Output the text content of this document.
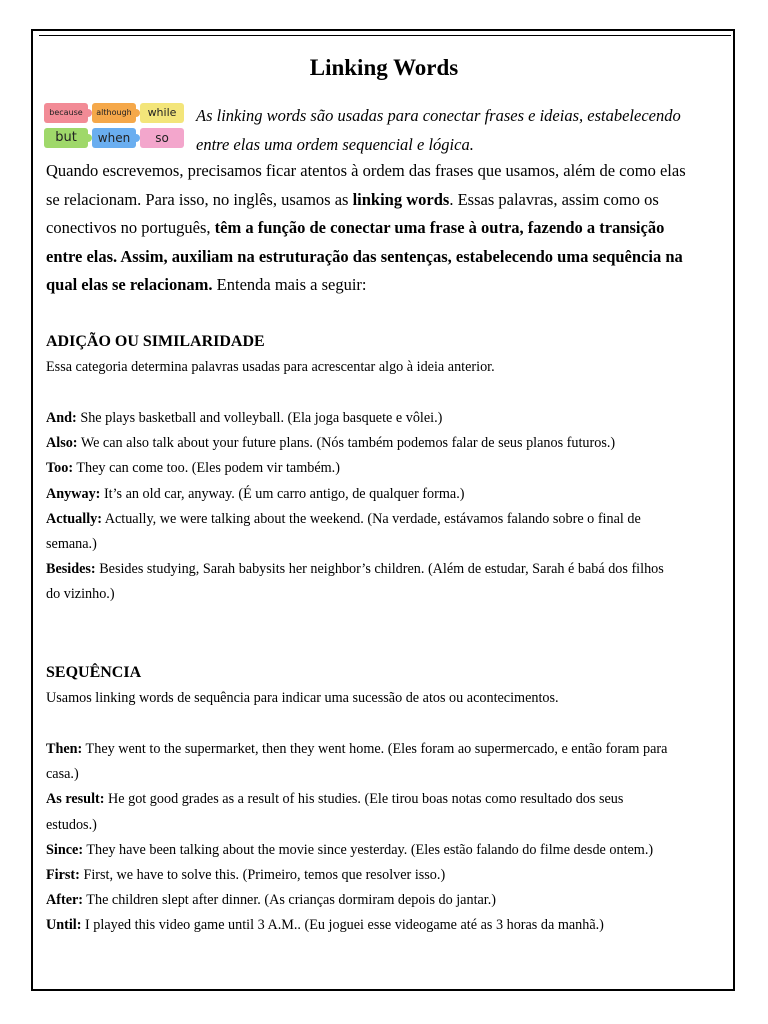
Linking Words
because	although	while
but	when	so
As linking words são usadas para conectar frases e ideias, estabelecendo
entre elas uma ordem sequencial e lógica.
Quando escrevemos, precisamos ficar atentos à ordem das frases que usamos, além de como elas
se relacionam. Para isso, no inglês, usamos as linking words. Essas palavras, assim como os
conectivos no português, têm a função de conectar uma frase à outra, fazendo a transição
entre elas. Assim, auxiliam na estruturação das sentenças, estabelecendo uma sequência na
qual elas se relacionam. Entenda mais a seguir:
ADIÇÃO OU SIMILARIDADE
Essa categoria determina palavras usadas para acrescentar algo à ideia anterior.
And: She plays basketball and volleyball. (Ela joga basquete e vôlei.)
Also: We can also talk about your future plans. (Nós também podemos falar de seus planos futuros.)
Too: They can come too. (Eles podem vir também.)
Anyway: It’s an old car, anyway. (É um carro antigo, de qualquer forma.)
Actually: Actually, we were talking about the weekend. (Na verdade, estávamos falando sobre o final de
semana.)
Besides: Besides studying, Sarah babysits her neighbor’s children. (Além de estudar, Sarah é babá dos filhos
do vizinho.)
SEQUÊNCIA
Usamos linking words de sequência para indicar uma sucessão de atos ou acontecimentos.
Then: They went to the supermarket, then they went home. (Eles foram ao supermercado, e então foram para
casa.)
As result: He got good grades as a result of his studies. (Ele tirou boas notas como resultado dos seus
estudos.)
Since: They have been talking about the movie since yesterday. (Eles estão falando do filme desde ontem.)
First: First, we have to solve this. (Primeiro, temos que resolver isso.)
After: The children slept after dinner. (As crianças dormiram depois do jantar.)
Until: I played this video game until 3 A.M.. (Eu joguei esse videogame até as 3 horas da manhã.)
